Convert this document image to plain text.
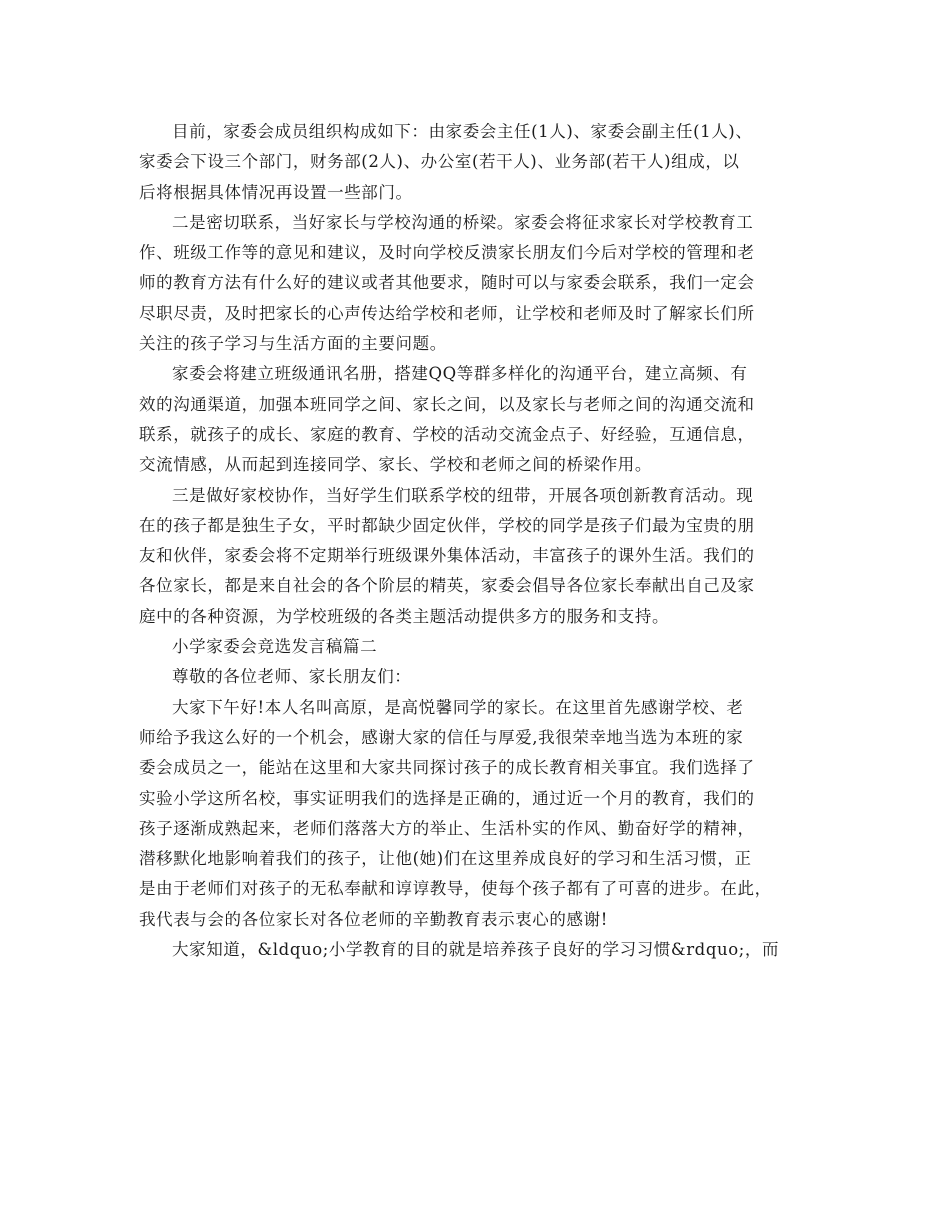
目前，家委会成员组织构成如下：由家委会主任(1人)、家委会副主任(1人)、
家委会下设三个部门，财务部(2人)、办公室(若干人)、业务部(若干人)组成，以
后将根据具体情况再设置一些部门。
二是密切联系，当好家长与学校沟通的桥梁。家委会将征求家长对学校教育工
作、班级工作等的意见和建议，及时向学校反溃家长朋友们今后对学校的管理和老
师的教育方法有什么好的建议或者其他要求，随时可以与家委会联系，我们一定会
尽职尽责，及时把家长的心声传达给学校和老师，让学校和老师及时了解家长们所
关注的孩子学习与生活方面的主要问题。
家委会将建立班级通讯名册，搭建QQ等群多样化的沟通平台，建立高频、有
效的沟通渠道，加强本班同学之间、家长之间，以及家长与老师之间的沟通交流和
联系，就孩子的成长、家庭的教育、学校的活动交流金点子、好经验，互通信息，
交流情感，从而起到连接同学、家长、学校和老师之间的桥梁作用。
三是做好家校协作，当好学生们联系学校的纽带，开展各项创新教育活动。现
在的孩子都是独生子女，平时都缺少固定伙伴，学校的同学是孩子们最为宝贵的朋
友和伙伴，家委会将不定期举行班级课外集体活动，丰富孩子的课外生活。我们的
各位家长，都是来自社会的各个阶层的精英，家委会倡导各位家长奉献出自己及家
庭中的各种资源，为学校班级的各类主题活动提供多方的服务和支持。
小学家委会竞选发言稿篇二
尊敬的各位老师、家长朋友们：
大家下午好!本人名叫高原，是高悦馨同学的家长。在这里首先感谢学校、老
师给予我这么好的一个机会，感谢大家的信任与厚爱,我很荣幸地当选为本班的家
委会成员之一，能站在这里和大家共同探讨孩子的成长教育相关事宜。我们选择了
实验小学这所名校，事实证明我们的选择是正确的，通过近一个月的教育，我们的
孩子逐渐成熟起来，老师们落落大方的举止、生活朴实的作风、勤奋好学的精神，
潜移默化地影响着我们的孩子，让他(她)们在这里养成良好的学习和生活习惯，正
是由于老师们对孩子的无私奉献和谆谆教导，使每个孩子都有了可喜的进步。在此，
我代表与会的各位家长对各位老师的辛勤教育表示衷心的感谢!
大家知道，&ldquo;小学教育的目的就是培养孩子良好的学习习惯&rdquo;，而
